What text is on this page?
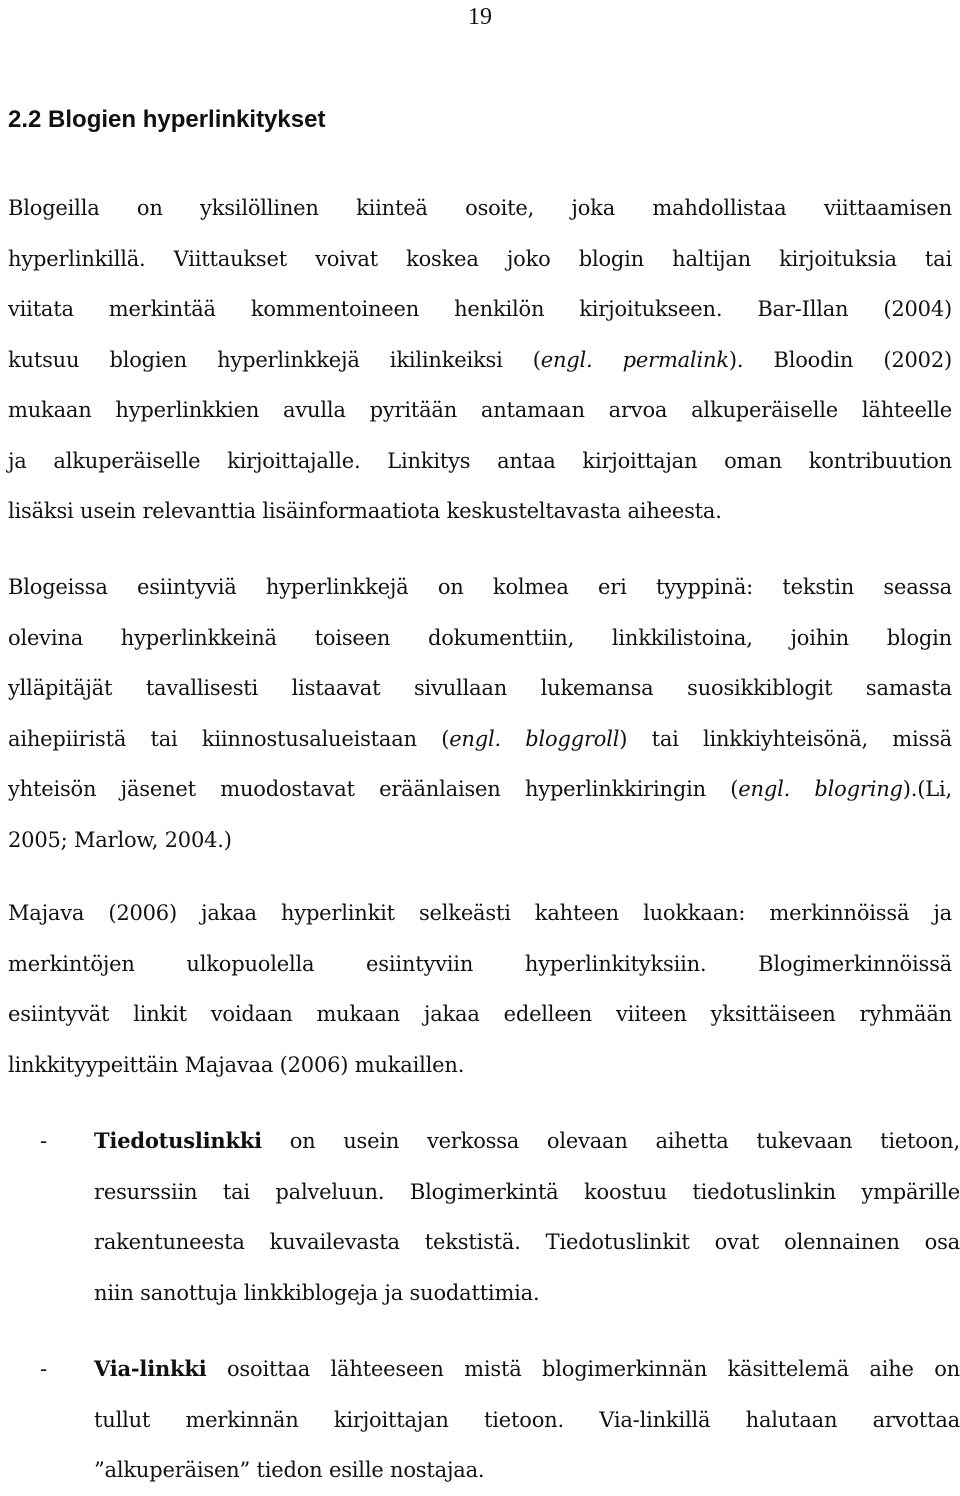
19
2.2 Blogien hyperlinkitykset

Blogeilla on yksilöllinen kiinteä osoite, joka mahdollistaa viittaamisen
hyperlinkillä. Viittaukset voivat koskea joko blogin haltijan kirjoituksia tai
viitata merkintää kommentoineen henkilön kirjoitukseen. Bar-Illan (2004)
kutsuu blogien hyperlinkkejä ikilinkeiksi (engl. permalink). Bloodin (2002)
mukaan hyperlinkkien avulla pyritään antamaan arvoa alkuperäiselle lähteelle
ja alkuperäiselle kirjoittajalle. Linkitys antaa kirjoittajan oman kontribuution
lisäksi usein relevanttia lisäinformaatiota keskusteltavasta aiheesta.

Blogeissa esiintyviä hyperlinkkejä on kolmea eri tyyppinä: tekstin seassa
olevina hyperlinkkeinä toiseen dokumenttiin, linkkilistoina, joihin blogin
ylläpitäjät tavallisesti listaavat sivullaan lukemansa suosikkiblogit samasta
aihepiiristä tai kiinnostusalueistaan (engl. bloggroll) tai linkkiyhteisönä, missä
yhteisön jäsenet muodostavat eräänlaisen hyperlinkkiringin (engl. blogring).(Li,
2005; Marlow, 2004.)

Majava (2006) jakaa hyperlinkit selkeästi kahteen luokkaan: merkinnöissä ja
merkintöjen ulkopuolella esiintyviin hyperlinkityksiin. Blogimerkinnöissä
esiintyvät linkit voidaan mukaan jakaa edelleen viiteen yksittäiseen ryhmään
linkkityypeittäin Majavaa (2006) mukaillen.

- Tiedotuslinkki on usein verkossa olevaan aihetta tukevaan tietoon,
resurssiin tai palveluun. Blogimerkintä koostuu tiedotuslinkin ympärille
rakentuneesta kuvailevasta tekstistä. Tiedotuslinkit ovat olennainen osa
niin sanottuja linkkiblogeja ja suodattimia.
- Via-linkki osoittaa lähteeseen mistä blogimerkinnän käsittelemä aihe on
tullut merkinnän kirjoittajan tietoon. Via-linkillä halutaan arvottaa
”alkuperäisen” tiedon esille nostajaa.
